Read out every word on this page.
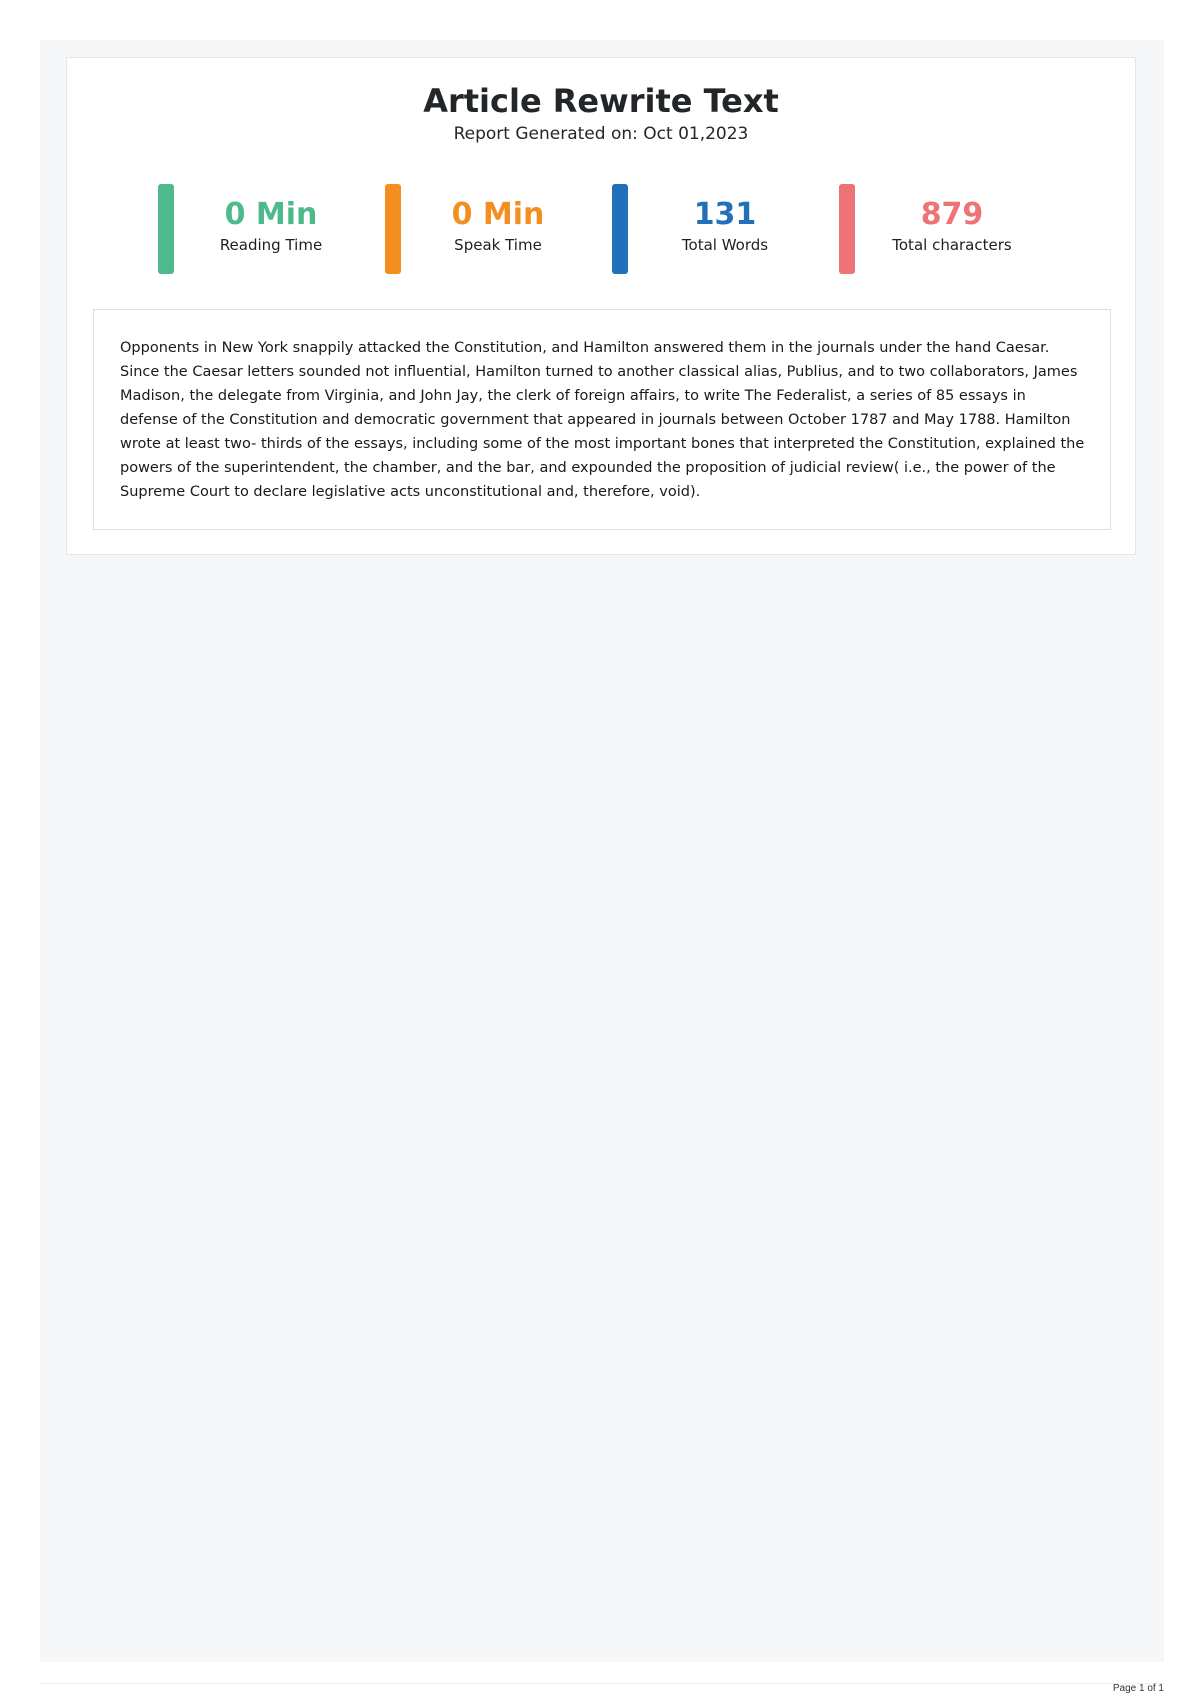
Article Rewrite Text

Report Generated on: Oct 01,2023

0 Min
Reading Time
0 Min
Speak Time
131
Total Words
879
Total characters

Opponents in New York snappily attacked the Constitution, and Hamilton answered them in the journals under the hand Caesar. Since the Caesar letters sounded not influential, Hamilton turned to another classical alias, Publius, and to two collaborators, James Madison, the delegate from Virginia, and John Jay, the clerk of foreign affairs, to write The Federalist, a series of 85 essays in defense of the Constitution and democratic government that appeared in journals between October 1787 and May 1788. Hamilton wrote at least two- thirds of the essays, including some of the most important bones that interpreted the Constitution, explained the powers of the superintendent, the chamber, and the bar, and expounded the proposition of judicial review( i.e., the power of the Supreme Court to declare legislative acts unconstitutional and, therefore, void).

Page 1 of 1
